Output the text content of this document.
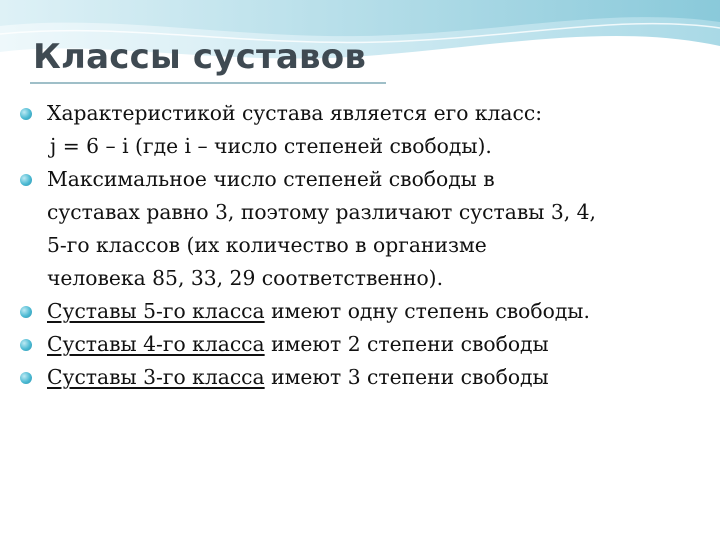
Классы суставов
Характеристикой сустава является его класс:
j = 6 – i (где i – число степеней свободы).
Максимальное число степеней свободы в
суставах равно 3, поэтому различают суставы 3, 4,
5-го классов (их количество в организме
человека 85, 33, 29 соответственно).
Суставы 5-го класса имеют одну степень свободы.
Суставы 4-го класса имеют 2 степени свободы
Суставы 3-го класса имеют 3 степени свободы
